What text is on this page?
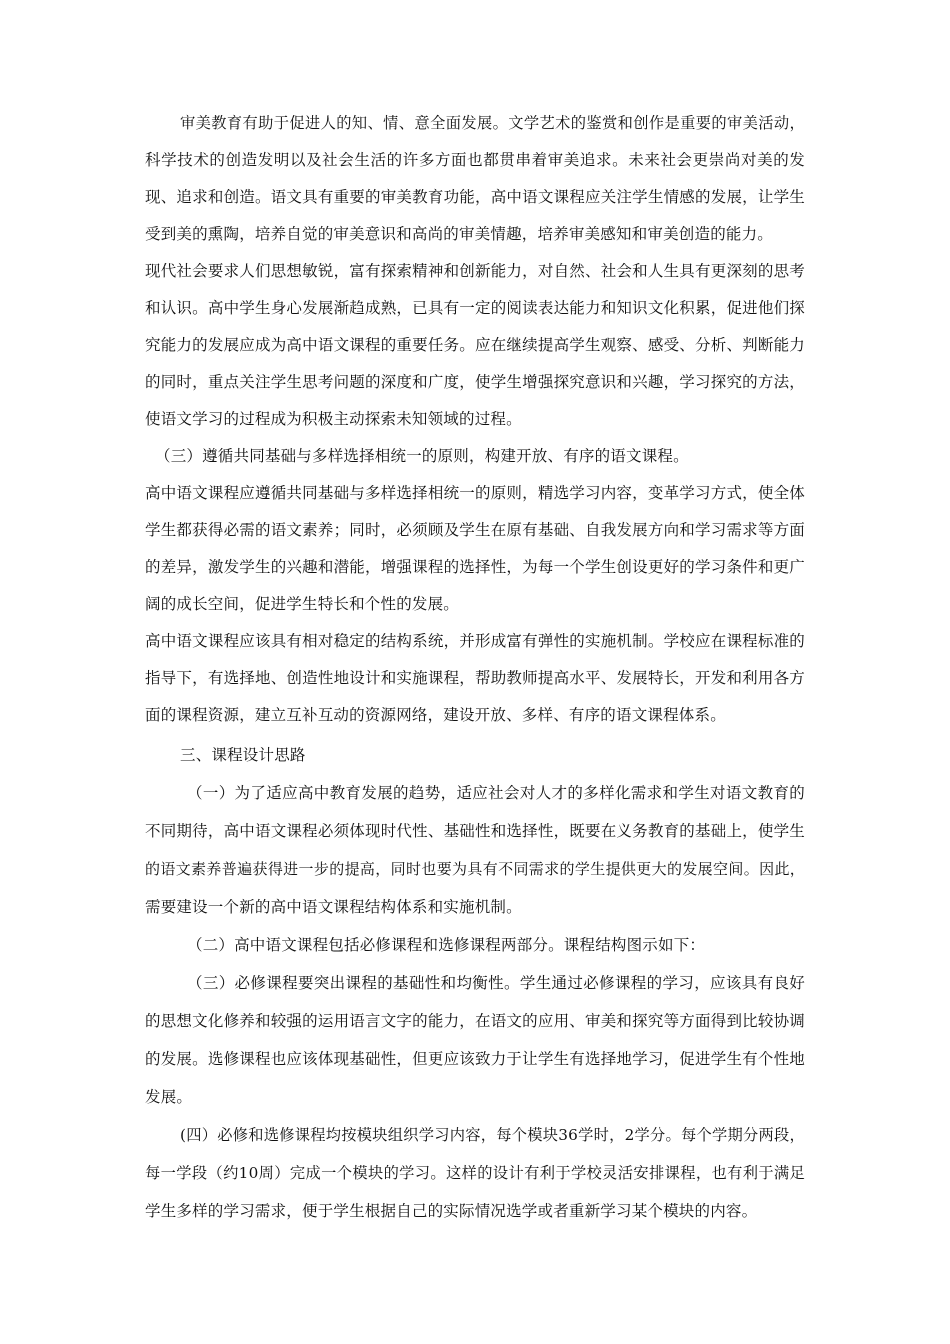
审美教育有助于促进人的知、情、意全面发展。文学艺术的鉴赏和创作是重要的审美活动，
科学技术的创造发明以及社会生活的许多方面也都贯串着审美追求。未来社会更崇尚对美的发
现、追求和创造。语文具有重要的审美教育功能，高中语文课程应关注学生情感的发展，让学生
受到美的熏陶，培养自觉的审美意识和高尚的审美情趣，培养审美感知和审美创造的能力。
现代社会要求人们思想敏锐，富有探索精神和创新能力，对自然、社会和人生具有更深刻的思考
和认识。高中学生身心发展渐趋成熟，已具有一定的阅读表达能力和知识文化积累，促进他们探
究能力的发展应成为高中语文课程的重要任务。应在继续提高学生观察、感受、分析、判断能力
的同时，重点关注学生思考问题的深度和广度，使学生增强探究意识和兴趣，学习探究的方法，
使语文学习的过程成为积极主动探索未知领域的过程。
（三）遵循共同基础与多样选择相统一的原则，构建开放、有序的语文课程。
高中语文课程应遵循共同基础与多样选择相统一的原则，精选学习内容，变革学习方式，使全体
学生都获得必需的语文素养；同时，必须顾及学生在原有基础、自我发展方向和学习需求等方面
的差异，激发学生的兴趣和潜能，增强课程的选择性，为每一个学生创设更好的学习条件和更广
阔的成长空间，促进学生特长和个性的发展。
高中语文课程应该具有相对稳定的结构系统，并形成富有弹性的实施机制。学校应在课程标准的
指导下，有选择地、创造性地设计和实施课程，帮助教师提高水平、发展特长，开发和利用各方
面的课程资源，建立互补互动的资源网络，建设开放、多样、有序的语文课程体系。
三、课程设计思路
（一）为了适应高中教育发展的趋势，适应社会对人才的多样化需求和学生对语文教育的
不同期待，高中语文课程必须体现时代性、基础性和选择性，既要在义务教育的基础上，使学生
的语文素养普遍获得进一步的提高，同时也要为具有不同需求的学生提供更大的发展空间。因此，
需要建设一个新的高中语文课程结构体系和实施机制。
（二）高中语文课程包括必修课程和选修课程两部分。课程结构图示如下：
（三）必修课程要突出课程的基础性和均衡性。学生通过必修课程的学习，应该具有良好
的思想文化修养和较强的运用语言文字的能力，在语文的应用、审美和探究等方面得到比较协调
的发展。选修课程也应该体现基础性，但更应该致力于让学生有选择地学习，促进学生有个性地
发展。
(四）必修和选修课程均按模块组织学习内容，每个模块36学时，2学分。每个学期分两段，
每一学段（约10周）完成一个模块的学习。这样的设计有利于学校灵活安排课程，也有利于满足
学生多样的学习需求，便于学生根据自己的实际情况选学或者重新学习某个模块的内容。
